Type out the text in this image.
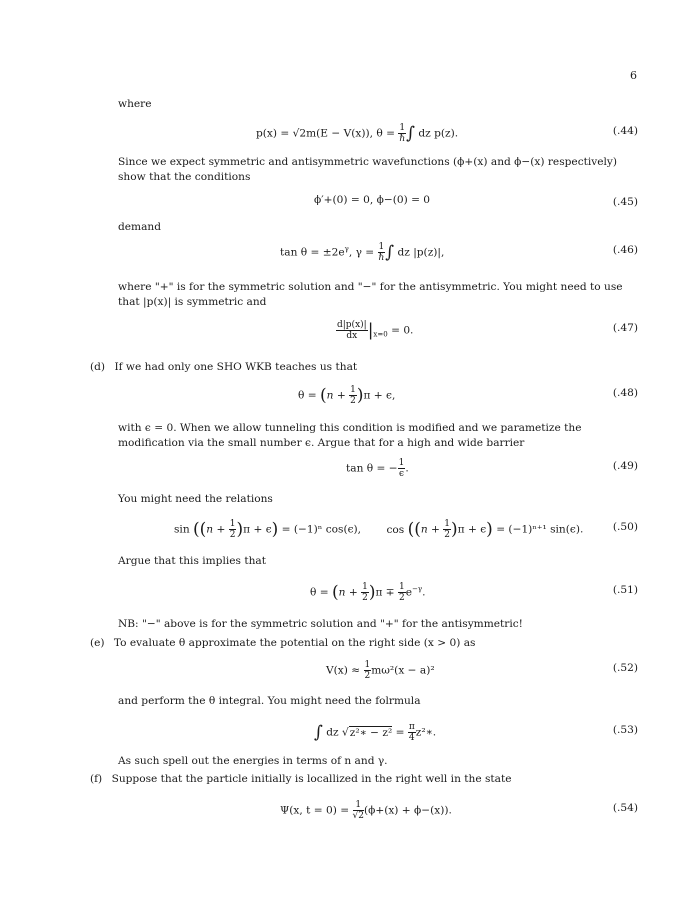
6
where
p(x) = √2m(E − V(x)), $\theta = \frac{1}{\text{ℏ}}$ ∫ dz p(z).	(.44)
Since we expect symmetric and antisymmetric wavefunctions (ϕ+(x) and ϕ−(x) respectively) show that the conditions
ϕ′+(0) = 0, ϕ−(0) = 0	(.45)
demand
$\tan \theta = \pm 2e^\gamma$, $\gamma = \frac{1}{\text{ℏ}}$ ∫ dz |p(z)|,	(.46)
where "+" is for the symmetric solution and "−" for the antisymmetric. You might need to use that |p(x)| is symmetric and
$\frac{d|p(x)|}{dx} |_{x=0} = 0$.	(.47)
(d) If we had only one SHO WKB teaches us that
$\theta = (n + \frac{1}{2} )\pi + \epsilon$,	(.48)
with ϵ = 0. When we allow tunneling this condition is modified and we parametize the modification via the small number ϵ. Argue that for a high and wide barrier
tan θ = − $\frac{1}{\epsilon}$ .	(.49)
You might need the relations
$\sin ((n + \frac{1}{2} )\pi + \epsilon) = (-1)^n$ cos(ϵ), $\cos ((n + \frac{1}{2} )\pi + \epsilon) = (-1)^{n+1}$ sin(ϵ).	(.50)
Argue that this implies that
$\theta = (n + \frac{1}{2} )\pi \mp \frac{1}{2} e^{-\gamma}$.	(.51)
NB: "−" above is for the symmetric solution and "+" for the antisymmetric!
(e) To evaluate θ approximate the potential on the right side (x > 0) as
$V(x) \approx \frac{1}{2} m\omega^2(x - a)^2$	(.52)
and perform the θ integral. You might need the folrmula
∫ dz √z²∗ − $z^2 = \frac{\pi}{4}$ z²∗.	(.53)
As such spell out the energies in terms of n and γ.
(f) Suppose that the particle initially is locallized in the right well in the state
Ψ(x, $t = 0) = \frac{1}{√2} (\phi+(x) + \phi-(x))$.	(.54)
